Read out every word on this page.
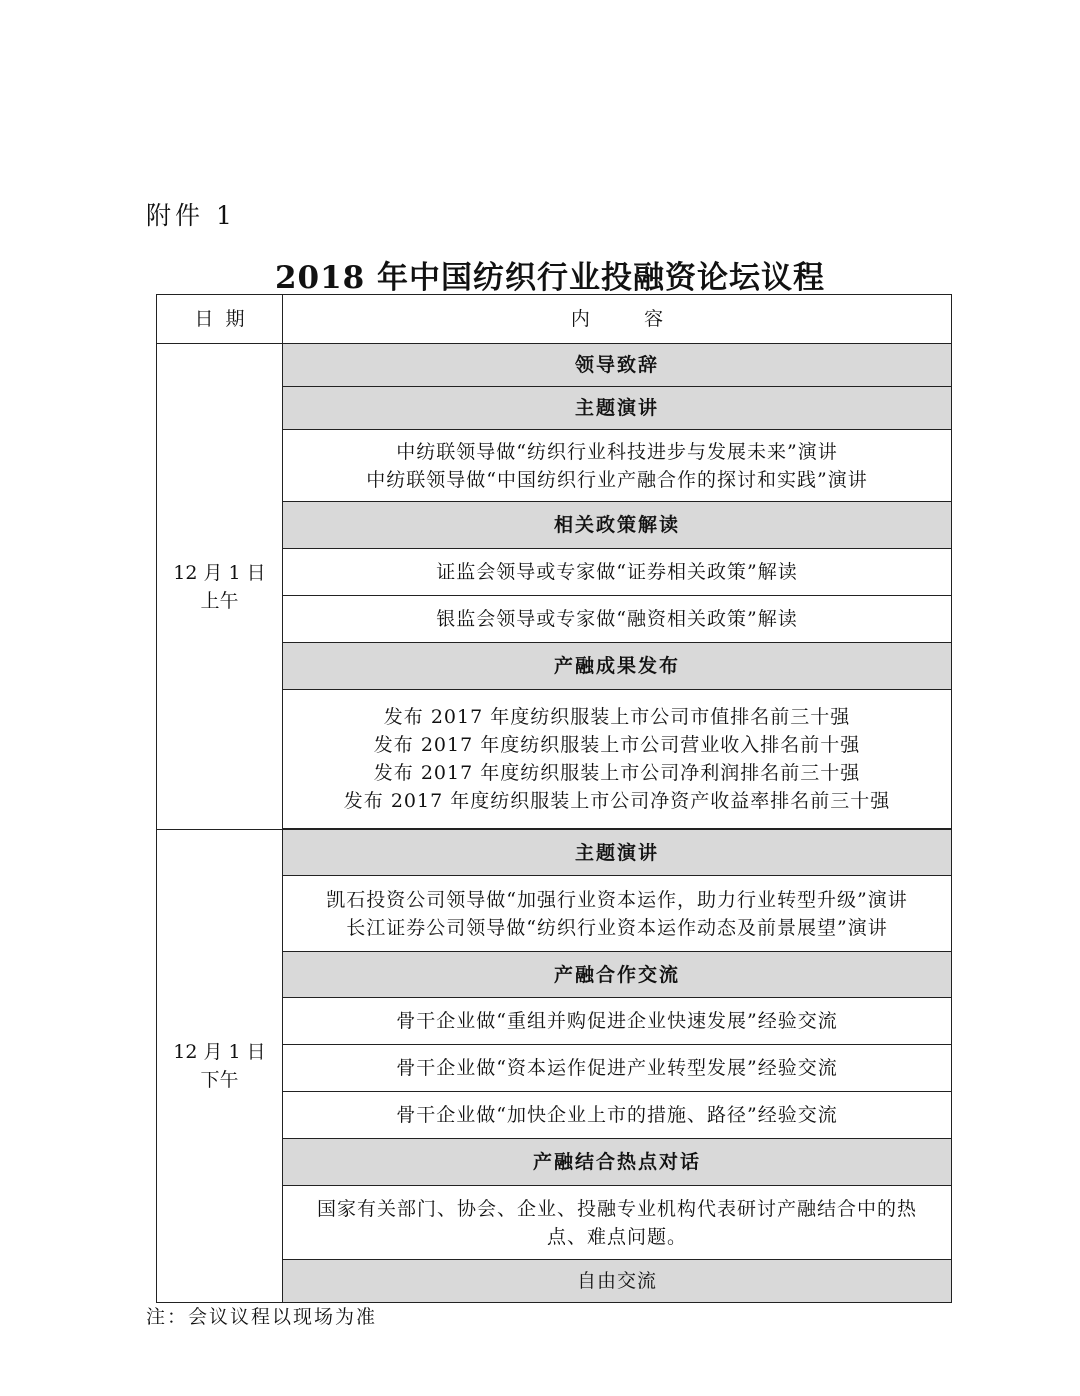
附件 1
2018 年中国纺织行业投融资论坛议程
日  期	内         容

12 月 1 日
上午	领导致辞
	主题演讲

	中纺联领导做“纺织行业科技进步与发展未来”演讲
中纺联领导做“中国纺织行业产融合作的探讨和实践”演讲

	相关政策解读
	证监会领导或专家做“证券相关政策”解读
	银监会领导或专家做“融资相关政策”解读
	产融成果发布

	发布 2017 年度纺织服装上市公司市值排名前三十强
发布 2017 年度纺织服装上市公司营业收入排名前十强
发布 2017 年度纺织服装上市公司净利润排名前三十强
发布 2017 年度纺织服装上市公司净资产收益率排名前三十强

12 月 1 日
下午	主题演讲

	凯石投资公司领导做“加强行业资本运作，助力行业转型升级”演讲
长江证券公司领导做“纺织行业资本运作动态及前景展望”演讲

	产融合作交流
	骨干企业做“重组并购促进企业快速发展”经验交流
	骨干企业做“资本运作促进产业转型发展”经验交流
	骨干企业做“加快企业上市的措施、路径”经验交流
	产融结合热点对话

	国家有关部门、协会、企业、投融专业机构代表研讨产融结合中的热
点、难点问题。

	自由交流
注：会议议程以现场为准
